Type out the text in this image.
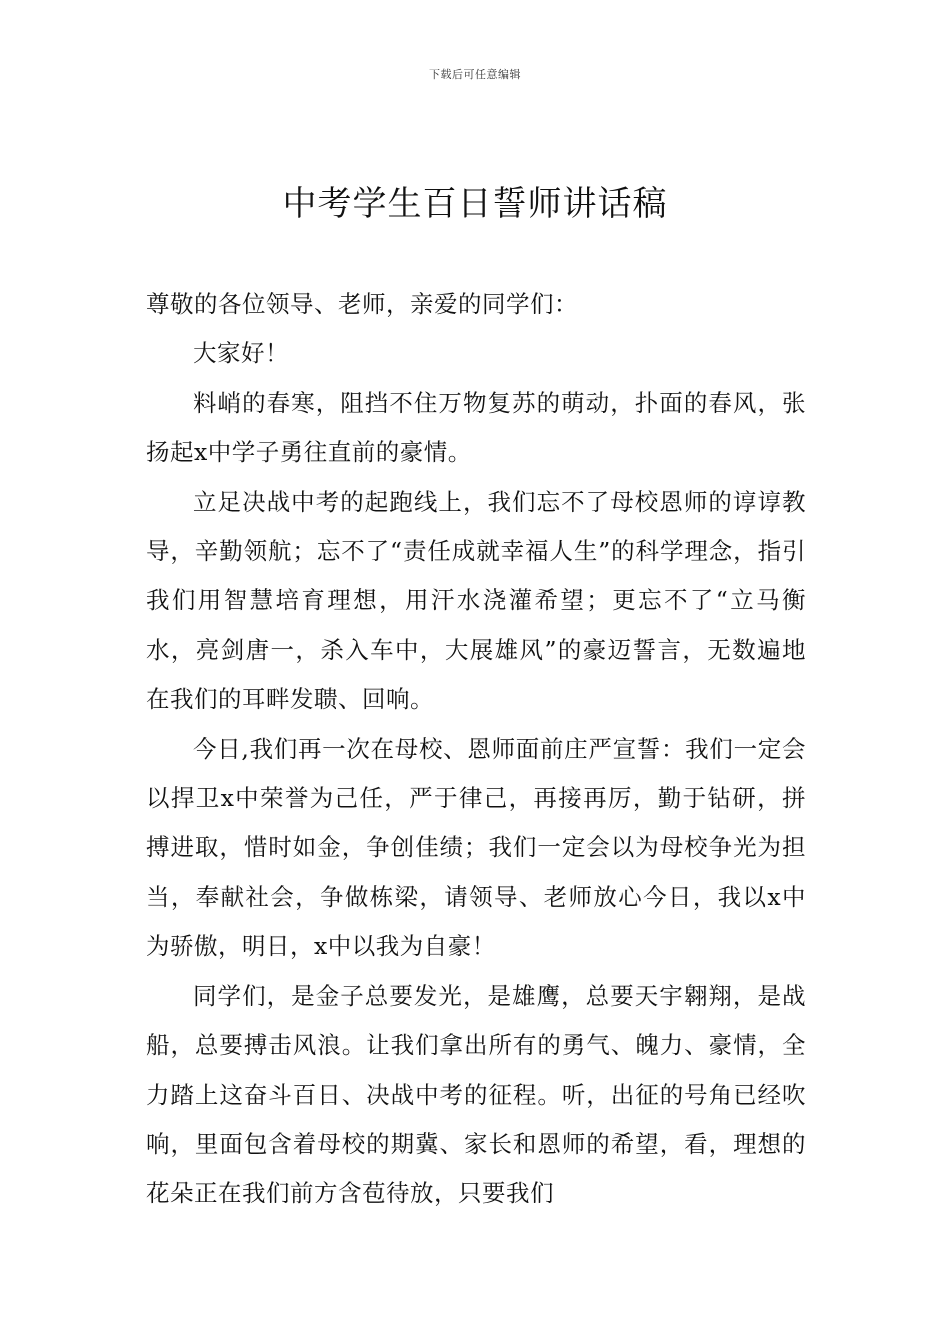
下载后可任意编辑
中考学生百日誓师讲话稿

尊敬的各位领导、老师，亲爱的同学们：

大家好！

料峭的春寒，阻挡不住万物复苏的萌动，扑面的春风，张扬起x中学子勇往直前的豪情。

立足决战中考的起跑线上，我们忘不了母校恩师的谆谆教导，辛勤领航；忘不了“责任成就幸福人生”的科学理念，指引我们用智慧培育理想，用汗水浇灌希望；更忘不了“立马衡水，亮剑唐一，杀入车中，大展雄风”的豪迈誓言，无数遍地在我们的耳畔发聩、回响。

今日,我们再一次在母校、恩师面前庄严宣誓：我们一定会以捍卫x中荣誉为己任，严于律己，再接再厉，勤于钻研，拼搏进取，惜时如金，争创佳绩；我们一定会以为母校争光为担当，奉献社会，争做栋梁，请领导、老师放心今日，我以x中为骄傲，明日，x中以我为自豪！

同学们，是金子总要发光，是雄鹰，总要天宇翱翔，是战船，总要搏击风浪。让我们拿出所有的勇气、魄力、豪情，全力踏上这奋斗百日、决战中考的征程。听，出征的号角已经吹响，里面包含着母校的期冀、家长和恩师的希望，看，理想的花朵正在我们前方含苞待放，只要我们
